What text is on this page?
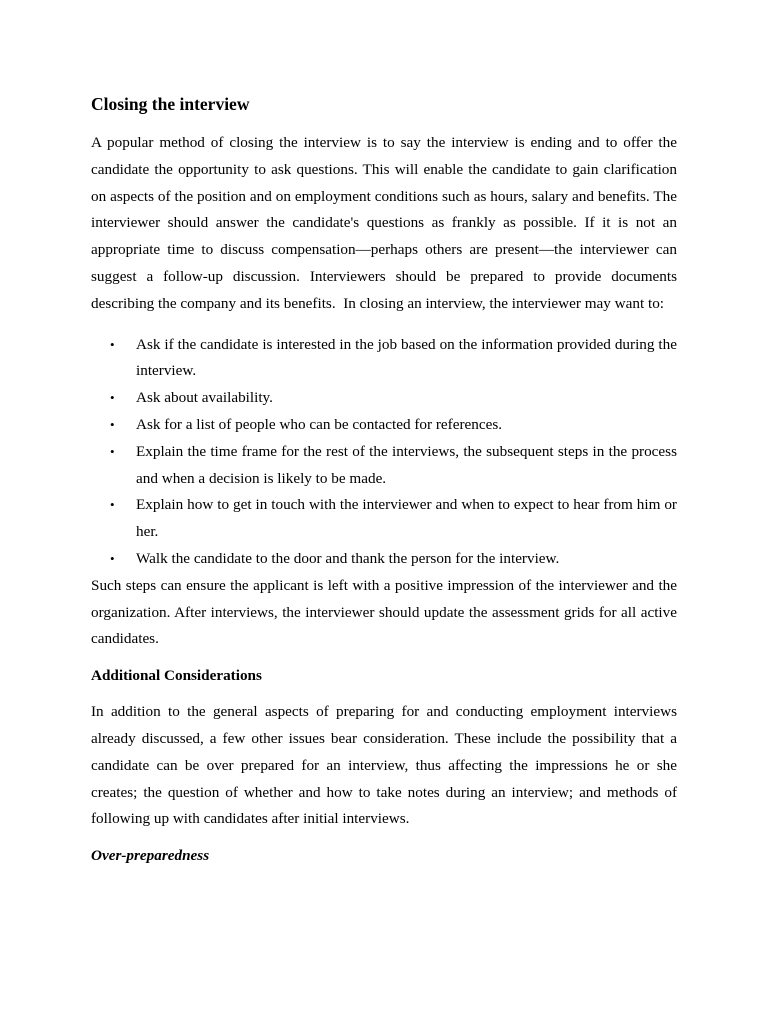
Closing the interview

A popular method of closing the interview is to say the interview is ending and to offer the candidate the opportunity to ask questions. This will enable the candidate to gain clarification on aspects of the position and on employment conditions such as hours, salary and benefits. The interviewer should answer the candidate's questions as frankly as possible. If it is not an appropriate time to discuss compensation—perhaps others are present—the interviewer can suggest a follow-up discussion. Interviewers should be prepared to provide documents describing the company and its benefits.  In closing an interview, the interviewer may want to:

• Ask if the candidate is interested in the job based on the information provided during the interview.
• Ask about availability.
• Ask for a list of people who can be contacted for references.
• Explain the time frame for the rest of the interviews, the subsequent steps in the process and when a decision is likely to be made.
• Explain how to get in touch with the interviewer and when to expect to hear from him or her.
• Walk the candidate to the door and thank the person for the interview.

Such steps can ensure the applicant is left with a positive impression of the interviewer and the organization. After interviews, the interviewer should update the assessment grids for all active candidates.

Additional Considerations

In addition to the general aspects of preparing for and conducting employment interviews already discussed, a few other issues bear consideration. These include the possibility that a candidate can be over prepared for an interview, thus affecting the impressions he or she creates; the question of whether and how to take notes during an interview; and methods of following up with candidates after initial interviews.

Over-preparedness
